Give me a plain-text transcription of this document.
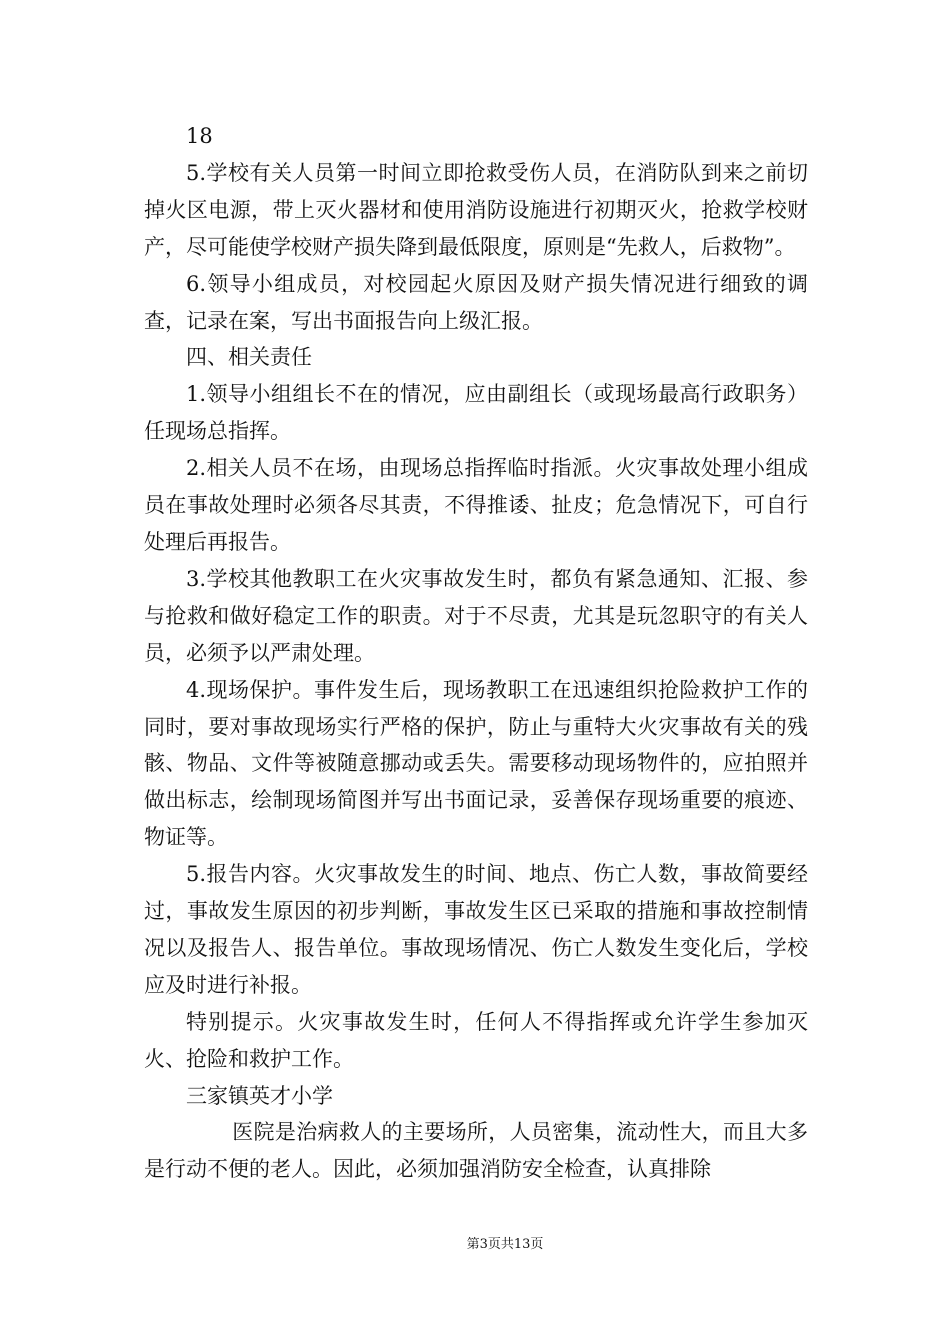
18

5.学校有关人员第一时间立即抢救受伤人员，在消防队到来之前切掉火区电源，带上灭火器材和使用消防设施进行初期灭火，抢救学校财产，尽可能使学校财产损失降到最低限度，原则是“先救人，后救物”。

6.领导小组成员，对校园起火原因及财产损失情况进行细致的调查，记录在案，写出书面报告向上级汇报。

四、相关责任

1.领导小组组长不在的情况，应由副组长（或现场最高行政职务）任现场总指挥。

2.相关人员不在场，由现场总指挥临时指派。火灾事故处理小组成员在事故处理时必须各尽其责，不得推诿、扯皮；危急情况下，可自行处理后再报告。

3.学校其他教职工在火灾事故发生时，都负有紧急通知、汇报、参与抢救和做好稳定工作的职责。对于不尽责，尤其是玩忽职守的有关人员，必须予以严肃处理。

4.现场保护。事件发生后，现场教职工在迅速组织抢险救护工作的同时，要对事故现场实行严格的保护，防止与重特大火灾事故有关的残骸、物品、文件等被随意挪动或丢失。需要移动现场物件的，应拍照并做出标志，绘制现场简图并写出书面记录，妥善保存现场重要的痕迹、物证等。

5.报告内容。火灾事故发生的时间、地点、伤亡人数，事故简要经过，事故发生原因的初步判断，事故发生区已采取的措施和事故控制情况以及报告人、报告单位。事故现场情况、伤亡人数发生变化后，学校应及时进行补报。

特别提示。火灾事故发生时，任何人不得指挥或允许学生参加灭火、抢险和救护工作。

三家镇英才小学

医院是治病救人的主要场所，人员密集，流动性大，而且大多是行动不便的老人。因此，必须加强消防安全检查，认真排除

第3页共13页
